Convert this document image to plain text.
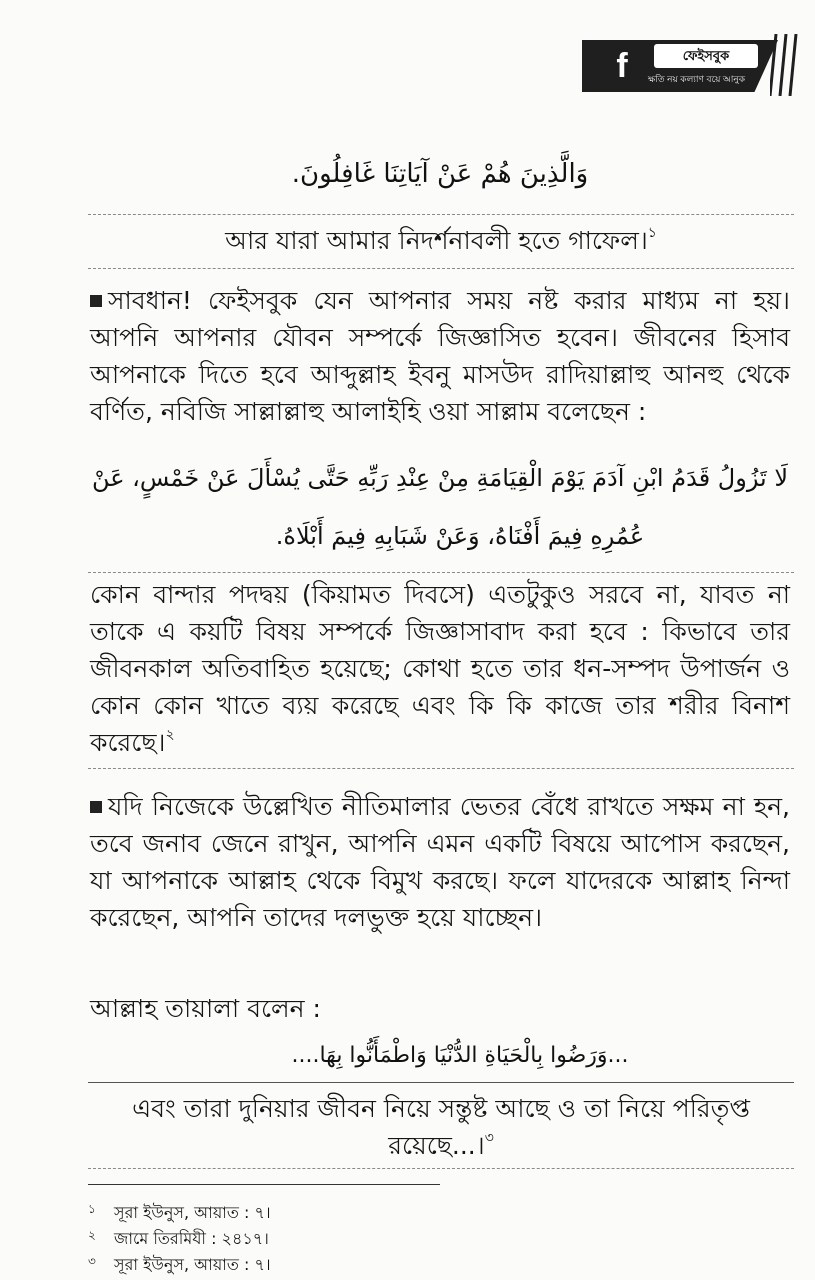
f	ফেইসবুক
ক্ষতি নয় কল্যাণ বয়ে আনুক
وَالَّذِينَ هُمْ عَنْ آيَاتِنَا غَافِلُونَ.
আর যারা আমার নিদর্শনাবলী হতে গাফেল।$^১$
সাবধান! ফেইসবুক যেন আপনার সময় নষ্ট করার মাধ্যম না হয়। আপনি আপনার যৌবন সম্পর্কে জিজ্ঞাসিত হবেন। জীবনের হিসাব আপনাকে দিতে হবে আব্দুল্লাহ ইবনু মাসউদ রাদিয়াল্লাহু আনহু থেকে বর্ণিত, নবিজি সাল্লাল্লাহু আলাইহি ওয়া সাল্লাম বলেছেন :
لَا تَزُولُ قَدَمُ ابْنِ آدَمَ يَوْمَ الْقِيَامَةِ مِنْ عِنْدِ رَبِّهِ حَتَّى يُسْأَلَ عَنْ خَمْسٍ، عَنْ
عُمُرِهِ فِيمَ أَفْنَاهُ، وَعَنْ شَبَابِهِ فِيمَ أَبْلَاهُ.
কোন বান্দার পদদ্বয় (কিয়ামত দিবসে) এতটুকুও সরবে না, যাবত না তাকে এ কয়টি বিষয় সম্পর্কে জিজ্ঞাসাবাদ করা হবে : কিভাবে তার জীবনকাল অতিবাহিত হয়েছে; কোথা হতে তার ধন-সম্পদ উপার্জন ও কোন কোন খাতে ব্যয় করেছে এবং কি কি কাজে তার শরীর বিনাশ করেছে।$^২$
যদি নিজেকে উল্লেখিত নীতিমালার ভেতর বেঁধে রাখতে সক্ষম না হন, তবে জনাব জেনে রাখুন, আপনি এমন একটি বিষয়ে আপোস করছেন, যা আপনাকে আল্লাহ থেকে বিমুখ করছে। ফলে যাদেরকে আল্লাহ নিন্দা করেছেন, আপনি তাদের দলভুক্ত হয়ে যাচ্ছেন।
আল্লাহ তায়ালা বলেন :
...وَرَضُوا بِالْحَيَاةِ الدُّنْيَا وَاطْمَأَنُّوا بِهَا....
এবং তারা দুনিয়ার জীবন নিয়ে সন্তুষ্ট আছে ও তা নিয়ে পরিতৃপ্ত
রয়েছে...।$^৩$
১ সূরা ইউনুস, আয়াত : ৭।
২ জামে তিরমিযী : ২৪১৭।
৩ সূরা ইউনুস, আয়াত : ৭।
